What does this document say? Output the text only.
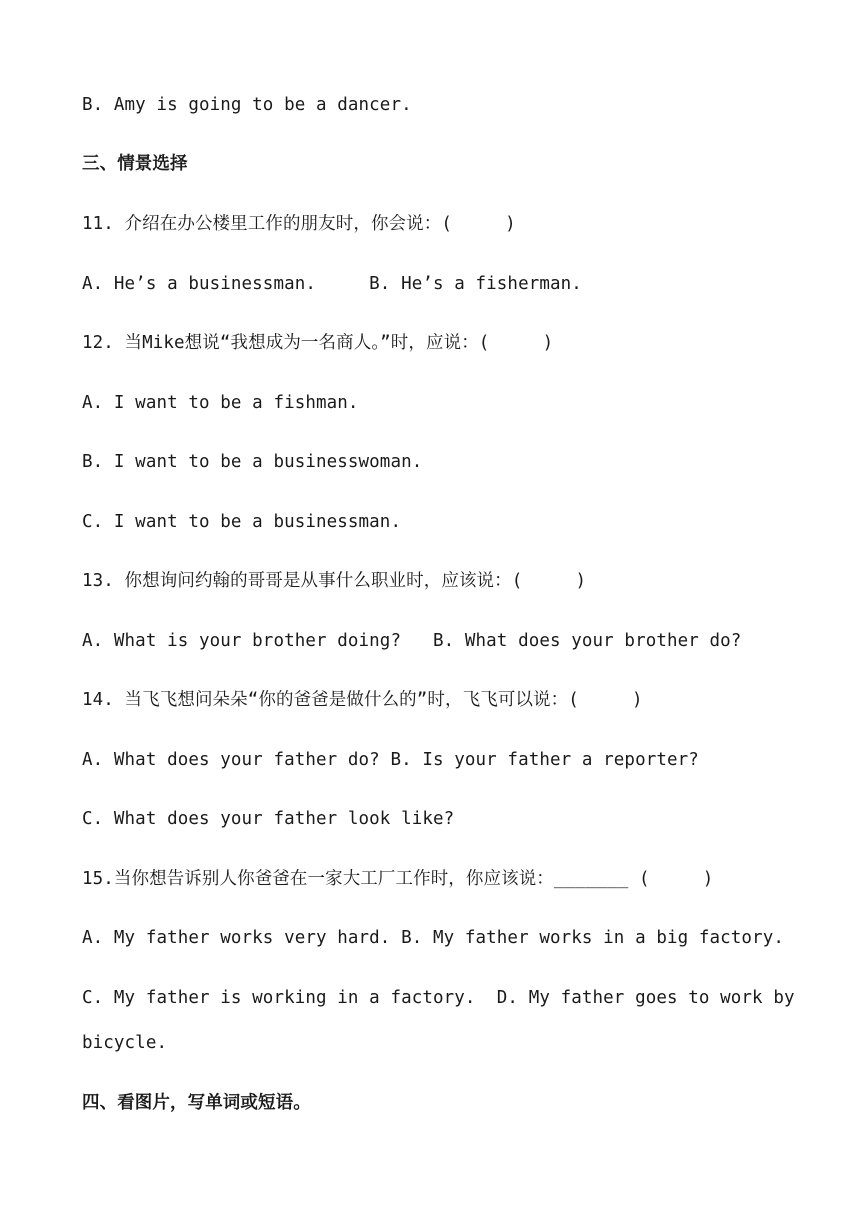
B. Amy is going to be a dancer.
三、情景选择
11. 介绍在办公楼里工作的朋友时，你会说：(     )
A. He’s a businessman.     B. He’s a fisherman.
12. 当Mike想说“我想成为一名商人。”时，应说：(     )
A. I want to be a fishman.
B. I want to be a businesswoman.
C. I want to be a businessman.
13. 你想询问约翰的哥哥是从事什么职业时，应该说：(     )
A. What is your brother doing?   B. What does your brother do?
14. 当飞飞想问朵朵“你的爸爸是做什么的”时，飞飞可以说：(     )
A. What does your father do? B. Is your father a reporter?
C. What does your father look like?
15.当你想告诉别人你爸爸在一家大工厂工作时，你应该说：_______ (     )
A. My father works very hard. B. My father works in a big factory.
C. My father is working in a factory.  D. My father goes to work by
bicycle.
四、看图片，写单词或短语。
